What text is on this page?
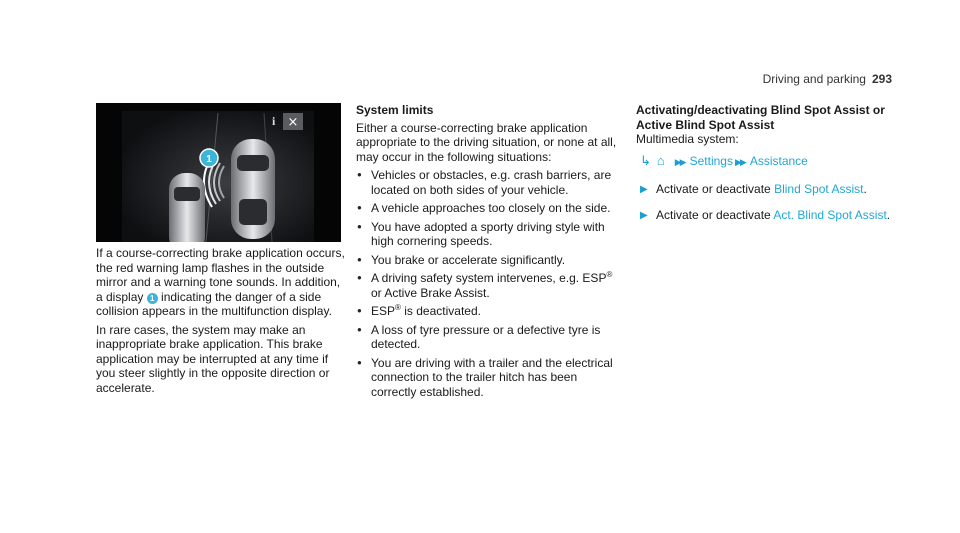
Driving and parking 293
1
i ×

If a course-correcting brake application occurs, the red warning lamp flashes in the outside mirror and a warning tone sounds. In addition, a display 1 indicating the danger of a side collision appears in the multifunction display.

In rare cases, the system may make an inappropriate brake application. This brake application may be interrupted at any time if you steer slightly in the opposite direction or accelerate.

System limits

Either a course-correcting brake application appropriate to the driving situation, or none at all, may occur in the following situations:

● Vehicles or obstacles, e.g. crash barriers, are located on both sides of your vehicle.
● A vehicle approaches too closely on the side.
● You have adopted a sporty driving style with high cornering speeds.
● You brake or accelerate significantly.
● A driving safety system intervenes, e.g. ESP® or Active Brake Assist.
● ESP® is deactivated.
● A loss of tyre pressure or a defective tyre is detected.
● You are driving with a trailer and the electrical connection to the trailer hitch has been correctly established.
Activating/deactivating Blind Spot Assist or Active Blind Spot Assist
Multimedia system:
↳ ⌂ ▶▶ Settings ▶▶ Assistance
▶ Activate or deactivate Blind Spot Assist.
▶ Activate or deactivate Act. Blind Spot Assist.
